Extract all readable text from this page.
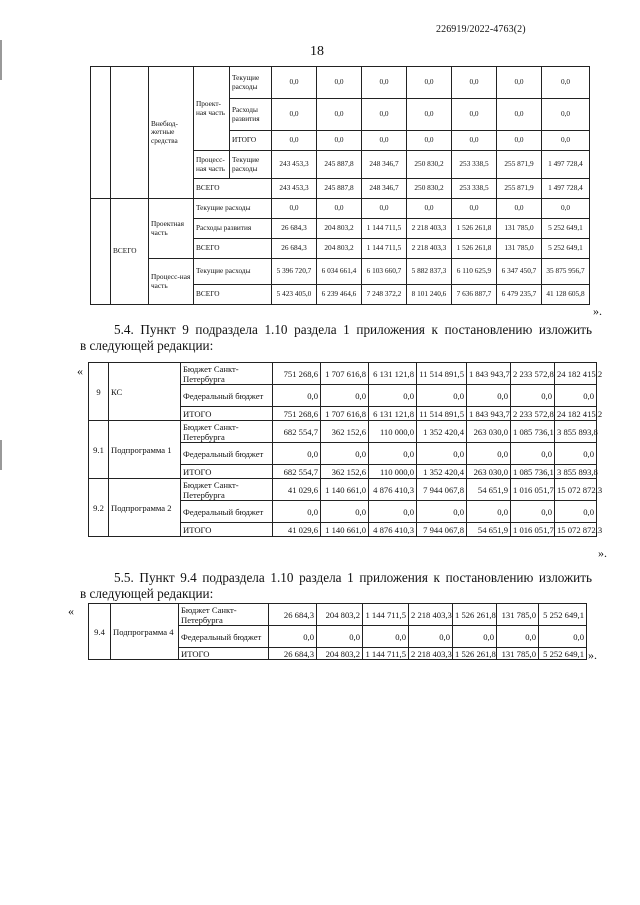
226919/2022-4763(2)
18
		Внебюд-жетные средства	Проект-ная часть	Текущие расходы	0,0	0,0	0,0	0,0	0,0	0,0	0,0
				Расходы развития	0,0	0,0	0,0	0,0	0,0	0,0	0,0
				ИТОГО	0,0	0,0	0,0	0,0	0,0	0,0	0,0
			Процесс-ная часть	Текущие расходы	243 453,3	245 887,8	248 346,7	250 830,2	253 338,5	255 871,9	1 497 728,4
			ВСЕГО		243 453,3	245 887,8	248 346,7	250 830,2	253 338,5	255 871,9	1 497 728,4
	ВСЕГО	Проектная часть	Текущие расходы		0,0	0,0	0,0	0,0	0,0	0,0	0,0
			Расходы развития		26 684,3	204 803,2	1 144 711,5	2 218 403,3	1 526 261,8	131 785,0	5 252 649,1
			ВСЕГО		26 684,3	204 803,2	1 144 711,5	2 218 403,3	1 526 261,8	131 785,0	5 252 649,1
		Процесс-ная часть	Текущие расходы		5 396 720,7	6 034 661,4	6 103 660,7	5 882 837,3	6 110 625,9	6 347 450,7	35 875 956,7
			ВСЕГО		5 423 405,0	6 239 464,6	7 248 372,2	8 101 240,6	7 636 887,7	6 479 235,7	41 128 605,8
».
5.4. Пункт 9 подраздела 1.10 раздела 1 приложения к постановлению изложить
в следующей редакции:
«
9	КС	Бюджет Санкт-Петербурга	751 268,6	1 707 616,8	6 131 121,8	11 514 891,5	1 843 943,7	2 233 572,8	24 182 415,2
		Федеральный бюджет	0,0	0,0	0,0	0,0	0,0	0,0	0,0
		ИТОГО	751 268,6	1 707 616,8	6 131 121,8	11 514 891,5	1 843 943,7	2 233 572,8	24 182 415,2
9.1	Подпрограмма 1	Бюджет Санкт-Петербурга	682 554,7	362 152,6	110 000,0	1 352 420,4	263 030,0	1 085 736,1	3 855 893,8
		Федеральный бюджет	0,0	0,0	0,0	0,0	0,0	0,0	0,0
		ИТОГО	682 554,7	362 152,6	110 000,0	1 352 420,4	263 030,0	1 085 736,1	3 855 893,8
9.2	Подпрограмма 2	Бюджет Санкт-Петербурга	41 029,6	1 140 661,0	4 876 410,3	7 944 067,8	54 651,9	1 016 051,7	15 072 872,3
		Федеральный бюджет	0,0	0,0	0,0	0,0	0,0	0,0	0,0
		ИТОГО	41 029,6	1 140 661,0	4 876 410,3	7 944 067,8	54 651,9	1 016 051,7	15 072 872,3
».
5.5. Пункт 9.4 подраздела 1.10 раздела 1 приложения к постановлению изложить
в следующей редакции:
«
9.4	Подпрограмма 4	Бюджет Санкт-Петербурга	26 684,3	204 803,2	1 144 711,5	2 218 403,3	1 526 261,8	131 785,0	5 252 649,1
		Федеральный бюджет	0,0	0,0	0,0	0,0	0,0	0,0	0,0
		ИТОГО	26 684,3	204 803,2	1 144 711,5	2 218 403,3	1 526 261,8	131 785,0	5 252 649,1 ».
